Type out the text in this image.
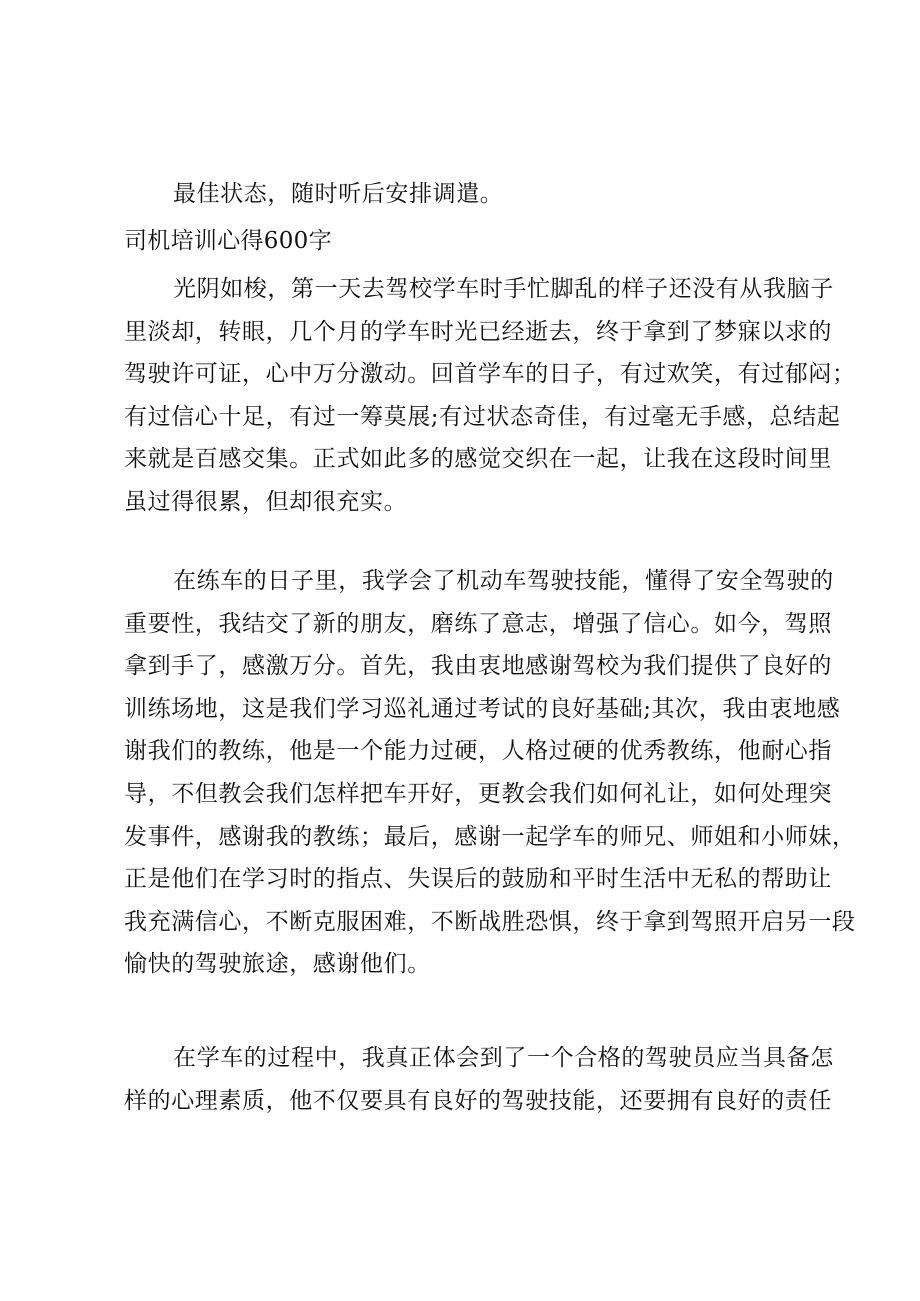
最佳状态，随时听后安排调遣。
司机培训心得600字
光阴如梭，第一天去驾校学车时手忙脚乱的样子还没有从我脑子
里淡却，转眼，几个月的学车时光已经逝去，终于拿到了梦寐以求的
驾驶许可证，心中万分激动。回首学车的日子，有过欢笑，有过郁闷；
有过信心十足，有过一筹莫展;有过状态奇佳，有过毫无手感，总结起
来就是百感交集。正式如此多的感觉交织在一起，让我在这段时间里
虽过得很累，但却很充实。
在练车的日子里，我学会了机动车驾驶技能，懂得了安全驾驶的
重要性，我结交了新的朋友，磨练了意志，增强了信心。如今，驾照
拿到手了，感激万分。首先，我由衷地感谢驾校为我们提供了良好的
训练场地，这是我们学习巡礼通过考试的良好基础;其次，我由衷地感
谢我们的教练，他是一个能力过硬，人格过硬的优秀教练，他耐心指
导，不但教会我们怎样把车开好，更教会我们如何礼让，如何处理突
发事件，感谢我的教练；最后，感谢一起学车的师兄、师姐和小师妹，
正是他们在学习时的指点、失误后的鼓励和平时生活中无私的帮助让
我充满信心，不断克服困难，不断战胜恐惧，终于拿到驾照开启另一段
愉快的驾驶旅途，感谢他们。
在学车的过程中，我真正体会到了一个合格的驾驶员应当具备怎
样的心理素质，他不仅要具有良好的驾驶技能，还要拥有良好的责任
